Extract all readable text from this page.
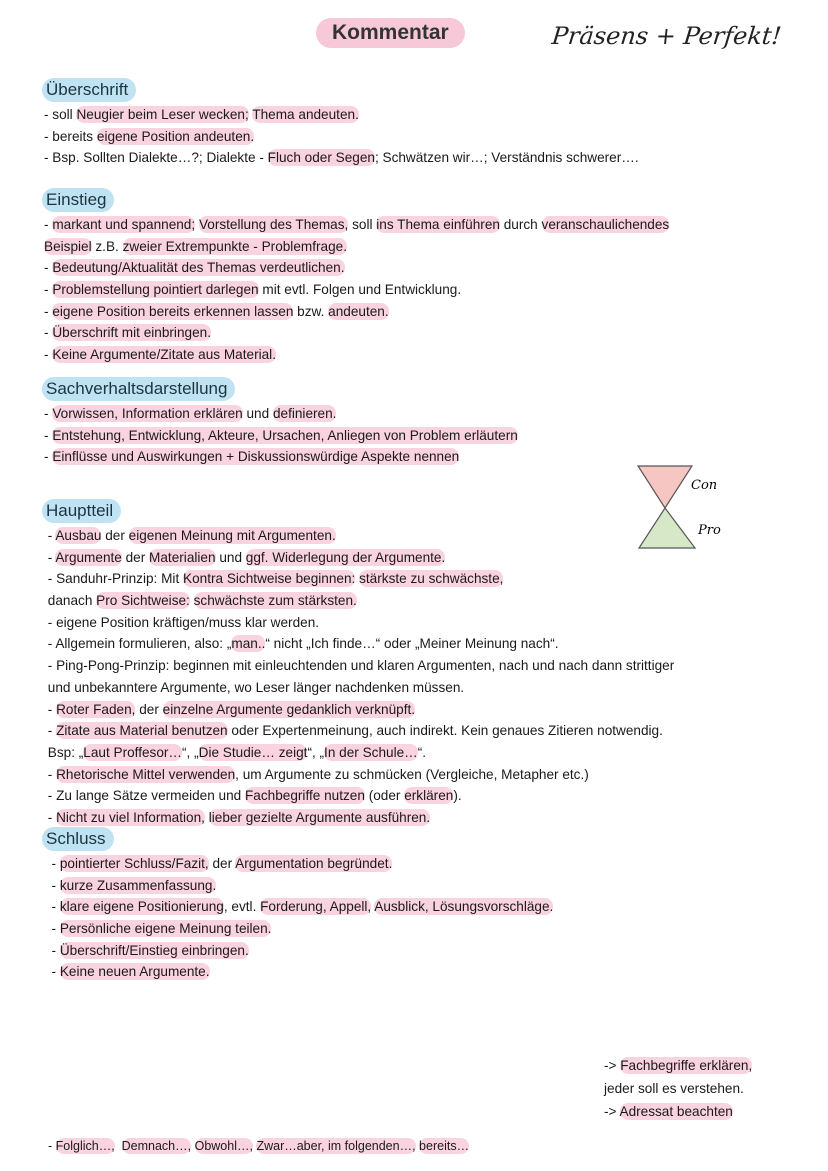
Kommentar	Präsens + Perfekt!
Überschrift
- soll Neugier beim Leser wecken; Thema andeuten.
- bereits eigene Position andeuten.
- Bsp. Sollten Dialekte…?; Dialekte - Fluch oder Segen; Schwätzen wir…; Verständnis schwerer….
Einstieg
- markant und spannend; Vorstellung des Themas, soll ins Thema einführen durch veranschaulichendes
Beispiel z.B. zweier Extrempunkte - Problemfrage.
- Bedeutung/Aktualität des Themas verdeutlichen.
- Problemstellung pointiert darlegen mit evtl. Folgen und Entwicklung.
- eigene Position bereits erkennen lassen bzw. andeuten.
- Überschrift mit einbringen.
- Keine Argumente/Zitate aus Material.
Sachverhaltsdarstellung
- Vorwissen, Information erklären und definieren.
- Entstehung, Entwicklung, Akteure, Ursachen, Anliegen von Problem erläutern
- Einflüsse und Auswirkungen + Diskussionswürdige Aspekte nennen
Hauptteil
- Ausbau der eigenen Meinung mit Argumenten.
- Argumente der Materialien und ggf. Widerlegung der Argumente.
- Sanduhr-Prinzip: Mit Kontra Sichtweise beginnen: stärkste zu schwächste,
danach Pro Sichtweise: schwächste zum stärksten.
- eigene Position kräftigen/muss klar werden.
- Allgemein formulieren, also: „man..“ nicht „Ich finde…“ oder „Meiner Meinung nach“.
- Ping-Pong-Prinzip: beginnen mit einleuchtenden und klaren Argumenten, nach und nach dann strittiger
und unbekanntere Argumente, wo Leser länger nachdenken müssen.
- Roter Faden, der einzelne Argumente gedanklich verknüpft.
- Zitate aus Material benutzen oder Expertenmeinung, auch indirekt. Kein genaues Zitieren notwendig.
Bsp: „Laut Proffesor…“, „Die Studie… zeigt“, „In der Schule…“.
- Rhetorische Mittel verwenden, um Argumente zu schmücken (Vergleiche, Metapher etc.)
- Zu lange Sätze vermeiden und Fachbegriffe nutzen (oder erklären).
- Nicht zu viel Information, lieber gezielte Argumente ausführen.
Schluss
- pointierter Schluss/Fazit, der Argumentation begründet.
- kurze Zusammenfassung.
- klare eigene Positionierung, evtl. Forderung, Appell, Ausblick, Lösungsvorschläge.
- Persönliche eigene Meinung teilen.
- Überschrift/Einstieg einbringen.
- Keine neuen Argumente.
Con
Pro
-> Fachbegriffe erklären,
jeder soll es verstehen.
-> Adressat beachten
- Folglich…, Demnach…, Obwohl…, Zwar…aber, im folgenden…, bereits…
